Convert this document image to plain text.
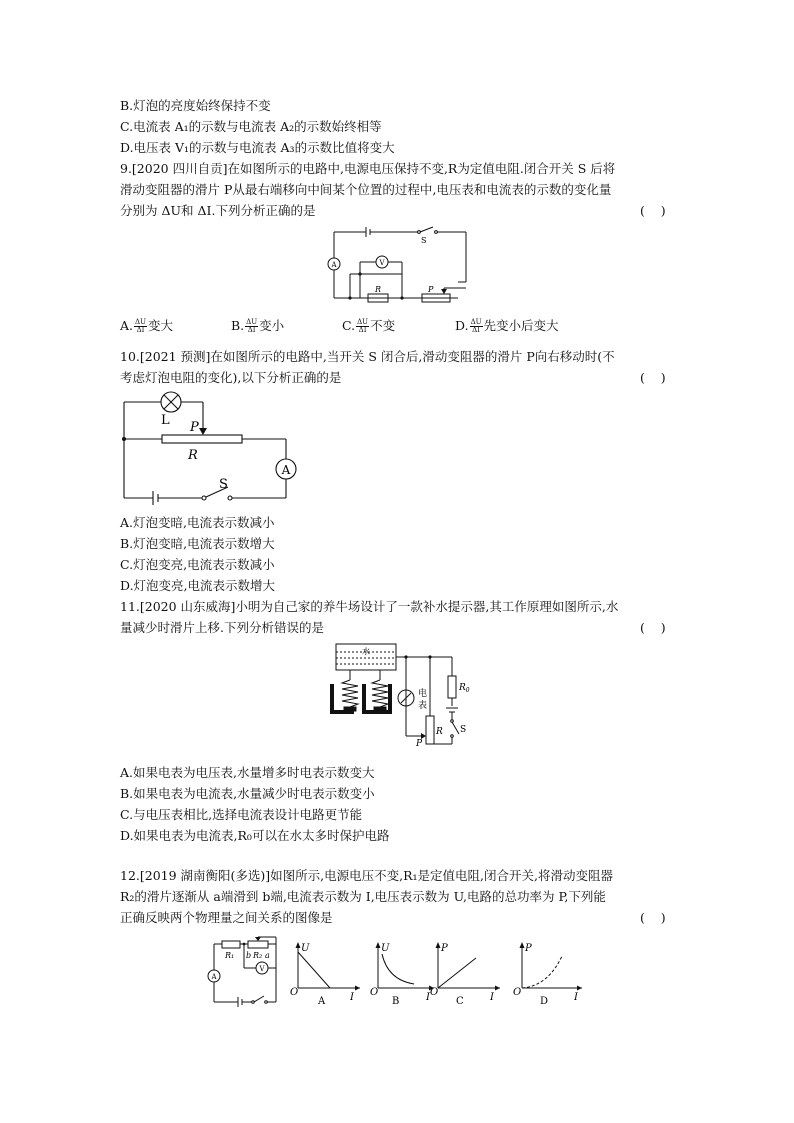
B.灯泡的亮度始终保持不变
C.电流表 A₁的示数与电流表 A₂的示数始终相等
D.电压表 V₁的示数与电流表 A₃的示数比值将变大
9.[2020 四川自贡]在如图所示的电路中,电源电压保持不变,R为定值电阻.闭合开关 S 后将
滑动变阻器的滑片 P从最右端移向中间某个位置的过程中,电压表和电流表的示数的变化量
分别为 ΔU和 ΔI.下列分析正确的是	(    )
S
V
A
R	P
A. $\frac{\Delta U}{\Delta I}$ 变大	B. $\frac{\Delta U}{\Delta I}$ 变小	C. $\frac{\Delta U}{\Delta I}$ 不变	D. $\frac{\Delta U}{\Delta I}$ 先变小后变大
10.[2021 预测]在如图所示的电路中,当开关 S 闭合后,滑动变阻器的滑片 P向右移动时(不
考虑灯泡电阻的变化),以下分析正确的是	(    )
L P
R
A
S
A.灯泡变暗,电流表示数减小
B.灯泡变暗,电流表示数增大
C.灯泡变亮,电流表示数减小
D.灯泡变亮,电流表示数增大
11.[2020 山东威海]小明为自己家的养牛场设计了一款补水提示器,其工作原理如图所示,水
量减少时滑片上移.下列分析错误的是	(    )
水
电
表
$R_0$
R
P
S
A.如果电表为电压表,水量增多时电表示数变大
B.如果电表为电流表,水量减少时电表示数变小
C.与电压表相比,选择电流表设计电路更节能
D.如果电表为电流表,R₀可以在水太多时保护电路
12.[2019 湖南衡阳(多选)]如图所示,电源电压不变,R₁是定值电阻,闭合开关,将滑动变阻器
R₂的滑片逐渐从 a端滑到 b端,电流表示数为 I,电压表示数为 U,电路的总功率为 P,下列能
正确反映两个物理量之间关系的图像是	(    )
A
V
R₁ b R₂ a
U
O	I
A
U
O	I
B
P
O	I
C
P
O	I
D
